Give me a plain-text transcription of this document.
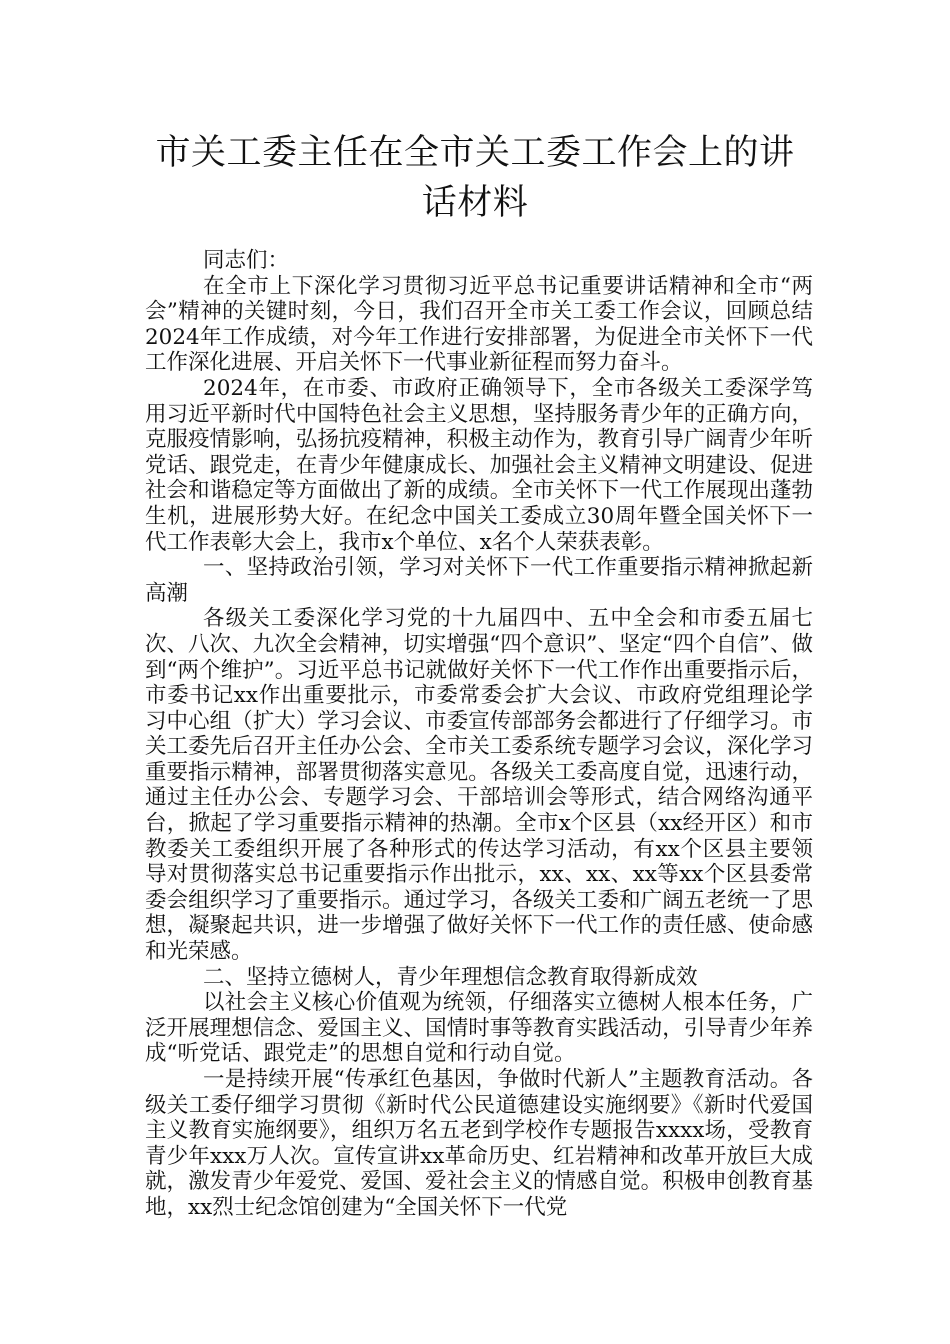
市关工委主任在全市关工委工作会上的讲
话材料

同志们：

在全市上下深化学习贯彻习近平总书记重要讲话精神和全市“两会”精神的关键时刻，今日，我们召开全市关工委工作会议，回顾总结2024年工作成绩，对今年工作进行安排部署，为促进全市关怀下一代工作深化进展、开启关怀下一代事业新征程而努力奋斗。

2024年，在市委、市政府正确领导下，全市各级关工委深学笃用习近平新时代中国特色社会主义思想，坚持服务青少年的正确方向，克服疫情影响，弘扬抗疫精神，积极主动作为，教育引导广阔青少年听党话、跟党走，在青少年健康成长、加强社会主义精神文明建设、促进社会和谐稳定等方面做出了新的成绩。全市关怀下一代工作展现出蓬勃生机，进展形势大好。在纪念中国关工委成立30周年暨全国关怀下一代工作表彰大会上，我市x个单位、x名个人荣获表彰。

一、坚持政治引领，学习对关怀下一代工作重要指示精神掀起新高潮

各级关工委深化学习党的十九届四中、五中全会和市委五届七次、八次、九次全会精神，切实增强“四个意识”、坚定“四个自信”、做到“两个维护”。习近平总书记就做好关怀下一代工作作出重要指示后，市委书记xx作出重要批示，市委常委会扩大会议、市政府党组理论学习中心组（扩大）学习会议、市委宣传部部务会都进行了仔细学习。市关工委先后召开主任办公会、全市关工委系统专题学习会议，深化学习重要指示精神，部署贯彻落实意见。各级关工委高度自觉，迅速行动，通过主任办公会、专题学习会、干部培训会等形式，结合网络沟通平台，掀起了学习重要指示精神的热潮。全市x个区县（xx经开区）和市教委关工委组织开展了各种形式的传达学习活动，有xx个区县主要领导对贯彻落实总书记重要指示作出批示，xx、xx、xx等xx个区县委常委会组织学习了重要指示。通过学习，各级关工委和广阔五老统一了思想，凝聚起共识，进一步增强了做好关怀下一代工作的责任感、使命感和光荣感。

二、坚持立德树人，青少年理想信念教育取得新成效

以社会主义核心价值观为统领，仔细落实立德树人根本任务，广泛开展理想信念、爱国主义、国情时事等教育实践活动，引导青少年养成“听党话、跟党走”的思想自觉和行动自觉。

一是持续开展“传承红色基因，争做时代新人”主题教育活动。各级关工委仔细学习贯彻《新时代公民道德建设实施纲要》《新时代爱国主义教育实施纲要》，组织万名五老到学校作专题报告xxxx场，受教育青少年xxx万人次。宣传宣讲xx革命历史、红岩精神和改革开放巨大成就，激发青少年爱党、爱国、爱社会主义的情感自觉。积极申创教育基地，xx烈士纪念馆创建为“全国关怀下一代党
